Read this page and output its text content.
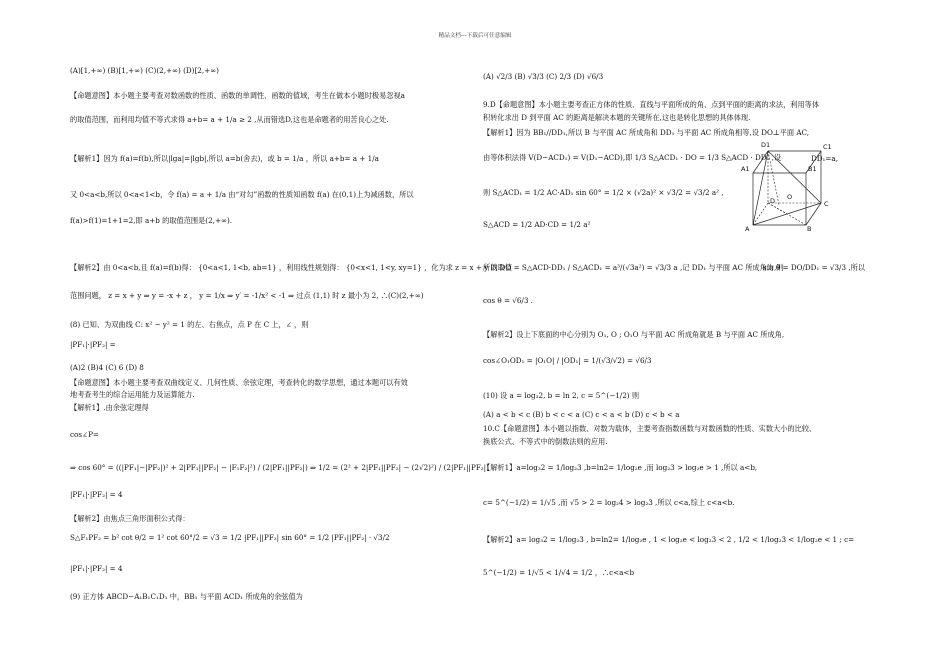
精品文档---下载后可任意编辑
(A)[1,+∞) (B)[1,+∞) (C)(2,+∞) (D)[2,+∞)
【命题意图】本小题主要考查对数函数的性质、函数的单调性、函数的值域，考生在做本小题时极易忽视a
的取值范围，而利用均值不等式求得 a+b= a + 1/a ≥ 2 ,从而错选D,这也是命题者的用苦良心之处.
【解析1】因为 f(a)=f(b),所以|lga|=|lgb|,所以 a=b(舍去)，或 b = 1/a ，所以 a+b= a + 1/a
又 0<a<b,所以 0<a<1<b，令 f(a) = a + 1/a 由“对勾”函数的性质知函数 f(a) 在(0,1)上为减函数，所以
f(a)>f(1)=1+1=2,即 a+b 的取值范围是(2,+∞).
【解析2】由 0<a<b,且 f(a)=f(b)得： {0<a<1, 1<b, ab=1} ，利用线性规划得： {0<x<1, 1<y, xy=1} ，化为求 z = x + y 的取值
范围问题， z = x + y ⇒ y = -x + z ， y = 1/x ⇒ y′ = -1/x² < -1 ⇒ 过点 (1,1) 时 z 最小为 2, ∴(C)(2,+∞)
(8) 已知、为双曲线 C: x² − y² = 1 的左、右焦点，点 P 在 C 上，∠ ，则
|PF₁|·|PF₂| =
(A)2 (B)4 (C) 6 (D) 8
【命题意图】本小题主要考查双曲线定义、几何性质、余弦定理，考查转化的数学思想，通过本题可以有效
地考查考生的综合运用能力及运算能力.
【解析1】.由余弦定理得
cos∠P=
⇒ cos 60° = ((|PF₁|−|PF₂|)² + 2|PF₁||PF₂| − |F₁F₂|²) / (2|PF₁||PF₂|) ⇒ 1/2 = (2² + 2|PF₁||PF₂| − (2√2)²) / (2|PF₁||PF₂|)
|PF₁|·|PF₂| = 4
【解析2】由焦点三角形面积公式得：
S△F₁PF₂ = b² cot θ/2 = 1² cot 60°/2 = √3 = 1/2 |PF₁||PF₂| sin 60° = 1/2 |PF₁||PF₂| · √3/2
|PF₁|·|PF₂| = 4
(9) 正方体 ABCD−A₁B₁C₁D₁ 中，BB₁ 与平面 ACD₁ 所成角的余弦值为
(A) √2/3 (B) √3/3 (C) 2/3 (D) √6/3
9.D【命题意图】本小题主要考查正方体的性质、直线与平面所成的角、点到平面的距离的求法，利用等体
积转化求出 D 到平面 AC 的距离是解决本题的关键所在,这也是转化思想的具体体现.
【解析1】因为 BB₁//DD₁,所以 B 与平面 AC 所成角和 DD₁ 与平面 AC 所成角相等,设 DO⊥平面 AC,
由等体积法得 V(D−ACD₁) = V(D₁−ACD),即 1/3 S△ACD₁ · DO = 1/3 S△ACD · DD₁ ,设	DD₁=a,
则 S△ACD₁ = 1/2 AC·AD₁ sin 60° = 1/2 × (√2a)² × √3/2 = √3/2 a² ,
S△ACD = 1/2 AD·CD = 1/2 a²
所以 DO = S△ACD·DD₁ / S△ACD₁ = a³/(√3a²) = √3/3 a ,记 DD₁ 与平面 AC 所成角为,则
sin θ = DO/DD₁ = √3/3 ,所以
cos θ = √6/3 .
【解析2】设上下底面的中心分别为 O₁, O ; O₁O 与平面 AC 所成角就是 B 与平面 AC 所成角,
cos∠O₁OD₁ = |O₁O| / |OD₁| = 1/(√3/√2) = √6/3
(10) 设 a = log₃2, b = ln 2, c = 5^(−1/2) 则
(A) a < b < c (B) b < c < a (C) c < a < b (D) c < b < a
10.C【命题意图】本小题以指数、对数为载体，主要考查指数函数与对数函数的性质、实数大小的比较、
换底公式、不等式中的倒数法则的应用.
【解析1】a=log₃2 = 1/log₂3 ,b=ln2= 1/log₂e ,而 log₂3 > log₂e > 1 ,所以 a<b,
c= 5^(−1/2) = 1/√5 ,而 √5 > 2 = log₂4 > log₂3 ,所以 c<a,综上 c<a<b.
【解析2】a= log₃2 = 1/log₂3 , b=ln2= 1/log₂e , 1 < log₂e < log₂3 < 2 , 1/2 < 1/log₂3 < 1/log₂e < 1 ; c=
5^(−1/2) = 1/√5 < 1/√4 = 1/2 ，∴c<a<b
D1	C1
A1	B1
D O
C
A	B
